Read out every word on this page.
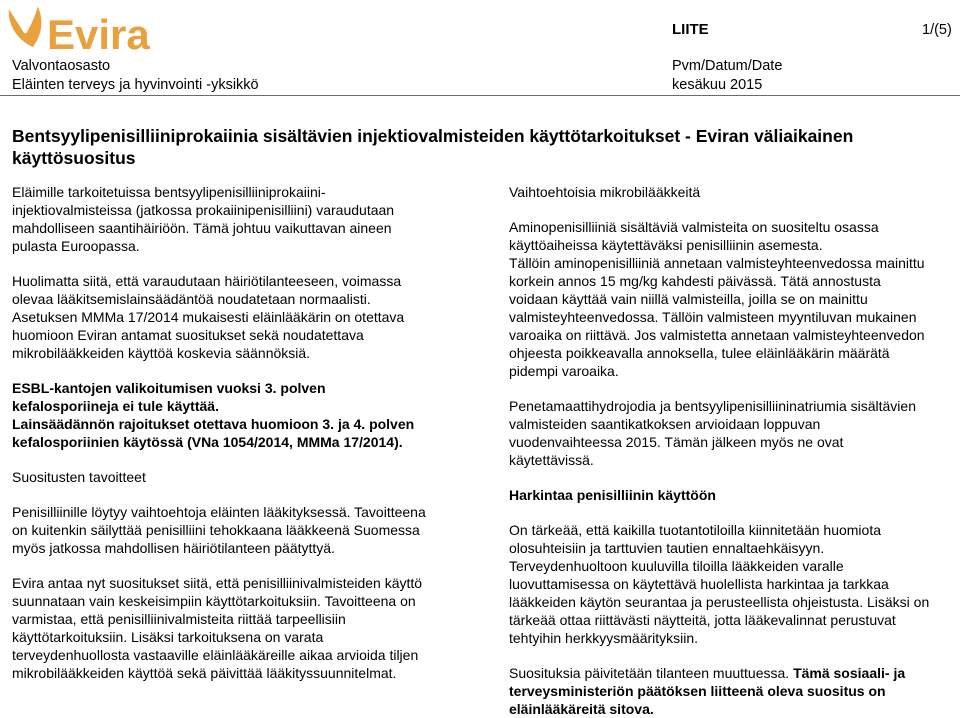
Evira	LIITE	1/(5)
Valvontaosasto
Eläinten terveys ja hyvinvointi -yksikkö
Pvm/Datum/Date
kesäkuu 2015
Bentsyylipenisilliiniprokaiinia sisältävien injektiovalmisteiden käyttötarkoitukset - Eviran väliaikainen käyttösuositus

Eläimille tarkoitetuissa bentsyylipenisilliiniprokaiini-
injektiovalmisteissa (jatkossa prokaiinipenisilliini) varaudutaan
mahdolliseen saantihäiriöön. Tämä johtuu vaikuttavan aineen
pulasta Euroopassa.

Huolimatta siitä, että varaudutaan häiriötilanteeseen, voimassa
olevaa lääkitsemislainsäädäntöä noudatetaan normaalisti.
Asetuksen MMMa 17/2014 mukaisesti eläinlääkärin on otettava
huomioon Eviran antamat suositukset sekä noudatettava
mikrobilääkkeiden käyttöä koskevia säännöksiä.

ESBL-kantojen valikoitumisen vuoksi 3. polven
kefalosporiineja ei tule käyttää.
Lainsäädännön rajoitukset otettava huomioon 3. ja 4. polven
kefalosporiinien käytössä (VNa 1054/2014, MMMa 17/2014).

Suositusten tavoitteet

Penisilliinille löytyy vaihtoehtoja eläinten lääkityksessä. Tavoitteena
on kuitenkin säilyttää penisilliini tehokkaana lääkkeenä Suomessa
myös jatkossa mahdollisen häiriötilanteen päätyttyä.

Evira antaa nyt suositukset siitä, että penisilliinivalmisteiden käyttö
suunnataan vain keskeisimpiin käyttötarkoituksiin. Tavoitteena on
varmistaa, että penisilliinivalmisteita riittää tarpeellisiin
käyttötarkoituksiin. Lisäksi tarkoituksena on varata
terveydenhuollosta vastaaville eläinlääkäreille aikaa arvioida tiljen
mikrobilääkkeiden käyttöä sekä päivittää lääkityssuunnitelmat.

Vaihtoehtoisia mikrobilääkkeitä

Aminopenisilliiniä sisältäviä valmisteita on suositeltu osassa
käyttöaiheissa käytettäväksi penisilliinin asemesta.
Tällöin aminopenisilliiniä annetaan valmisteyhteenvedossa mainittu
korkein annos 15 mg/kg kahdesti päivässä. Tätä annostusta
voidaan käyttää vain niillä valmisteilla, joilla se on mainittu
valmisteyhteenvedossa. Tällöin valmisteen myyntiluvan mukainen
varoaika on riittävä. Jos valmistetta annetaan valmisteyhteenvedon
ohjeesta poikkeavalla annoksella, tulee eläinlääkärin määrätä
pidempi varoaika.

Penetamaattihydrojodia ja bentsyylipenisilliininatriumia sisältävien
valmisteiden saantikatkoksen arvioidaan loppuvan
vuodenvaihteessa 2015. Tämän jälkeen myös ne ovat
käytettävissä.

Harkintaa penisilliinin käyttöön

On tärkeää, että kaikilla tuotantotiloilla kiinnitetään huomiota
olosuhteisiin ja tarttuvien tautien ennaltaehkäisyyn.
Terveydenhuoltoon kuuluvilla tiloilla lääkkeiden varalle
luovuttamisessa on käytettävä huolellista harkintaa ja tarkkaa
lääkkeiden käytön seurantaa ja perusteellista ohjeistusta. Lisäksi on
tärkeää ottaa riittävästi näytteitä, jotta lääkevalinnat perustuvat
tehtyihin herkkyysmäärityksiin.

Suosituksia päivitetään tilanteen muuttuessa. Tämä sosiaali- ja
terveysministeriön päätöksen liitteenä oleva suositus on
eläinlääkäreitä sitova.
